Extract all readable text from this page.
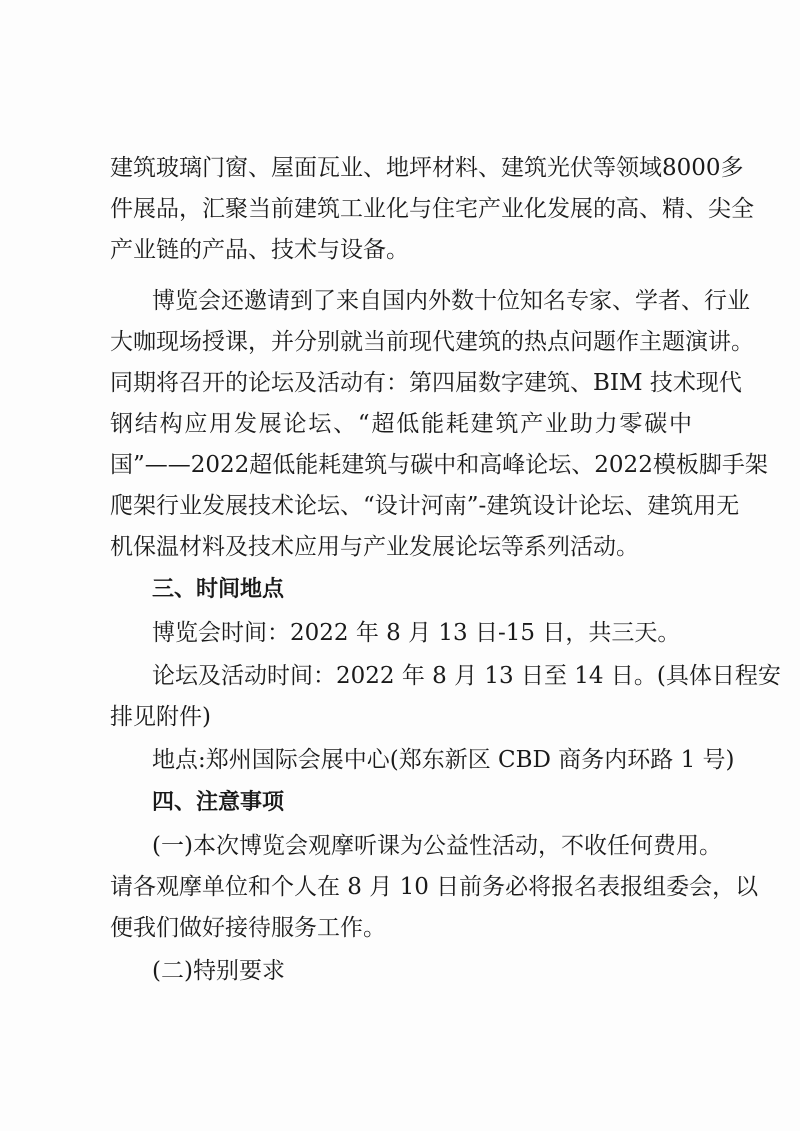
建筑玻璃门窗、屋面瓦业、地坪材料、建筑光伏等领域8000多
件展品，汇聚当前建筑工业化与住宅产业化发展的高、精、尖全
产业链的产品、技术与设备。
博览会还邀请到了来自国内外数十位知名专家、学者、行业
大咖现场授课，并分别就当前现代建筑的热点问题作主题演讲。
同期将召开的论坛及活动有：第四届数字建筑、BIM 技术现代
钢结构应用发展论坛、“超低能耗建筑产业助力零碳中
国”——2022超低能耗建筑与碳中和高峰论坛、2022模板脚手架
爬架行业发展技术论坛、“设计河南”-建筑设计论坛、建筑用无
机保温材料及技术应用与产业发展论坛等系列活动。
三、时间地点
博览会时间：2022 年 8 月 13 日-15 日，共三天。
论坛及活动时间：2022 年 8 月 13 日至 14 日。(具体日程安
排见附件)
地点:郑州国际会展中心(郑东新区 CBD 商务内环路 1 号)
四、注意事项
(一)本次博览会观摩听课为公益性活动，不收任何费用。
请各观摩单位和个人在 8 月 10 日前务必将报名表报组委会，以
便我们做好接待服务工作。
(二)特别要求
